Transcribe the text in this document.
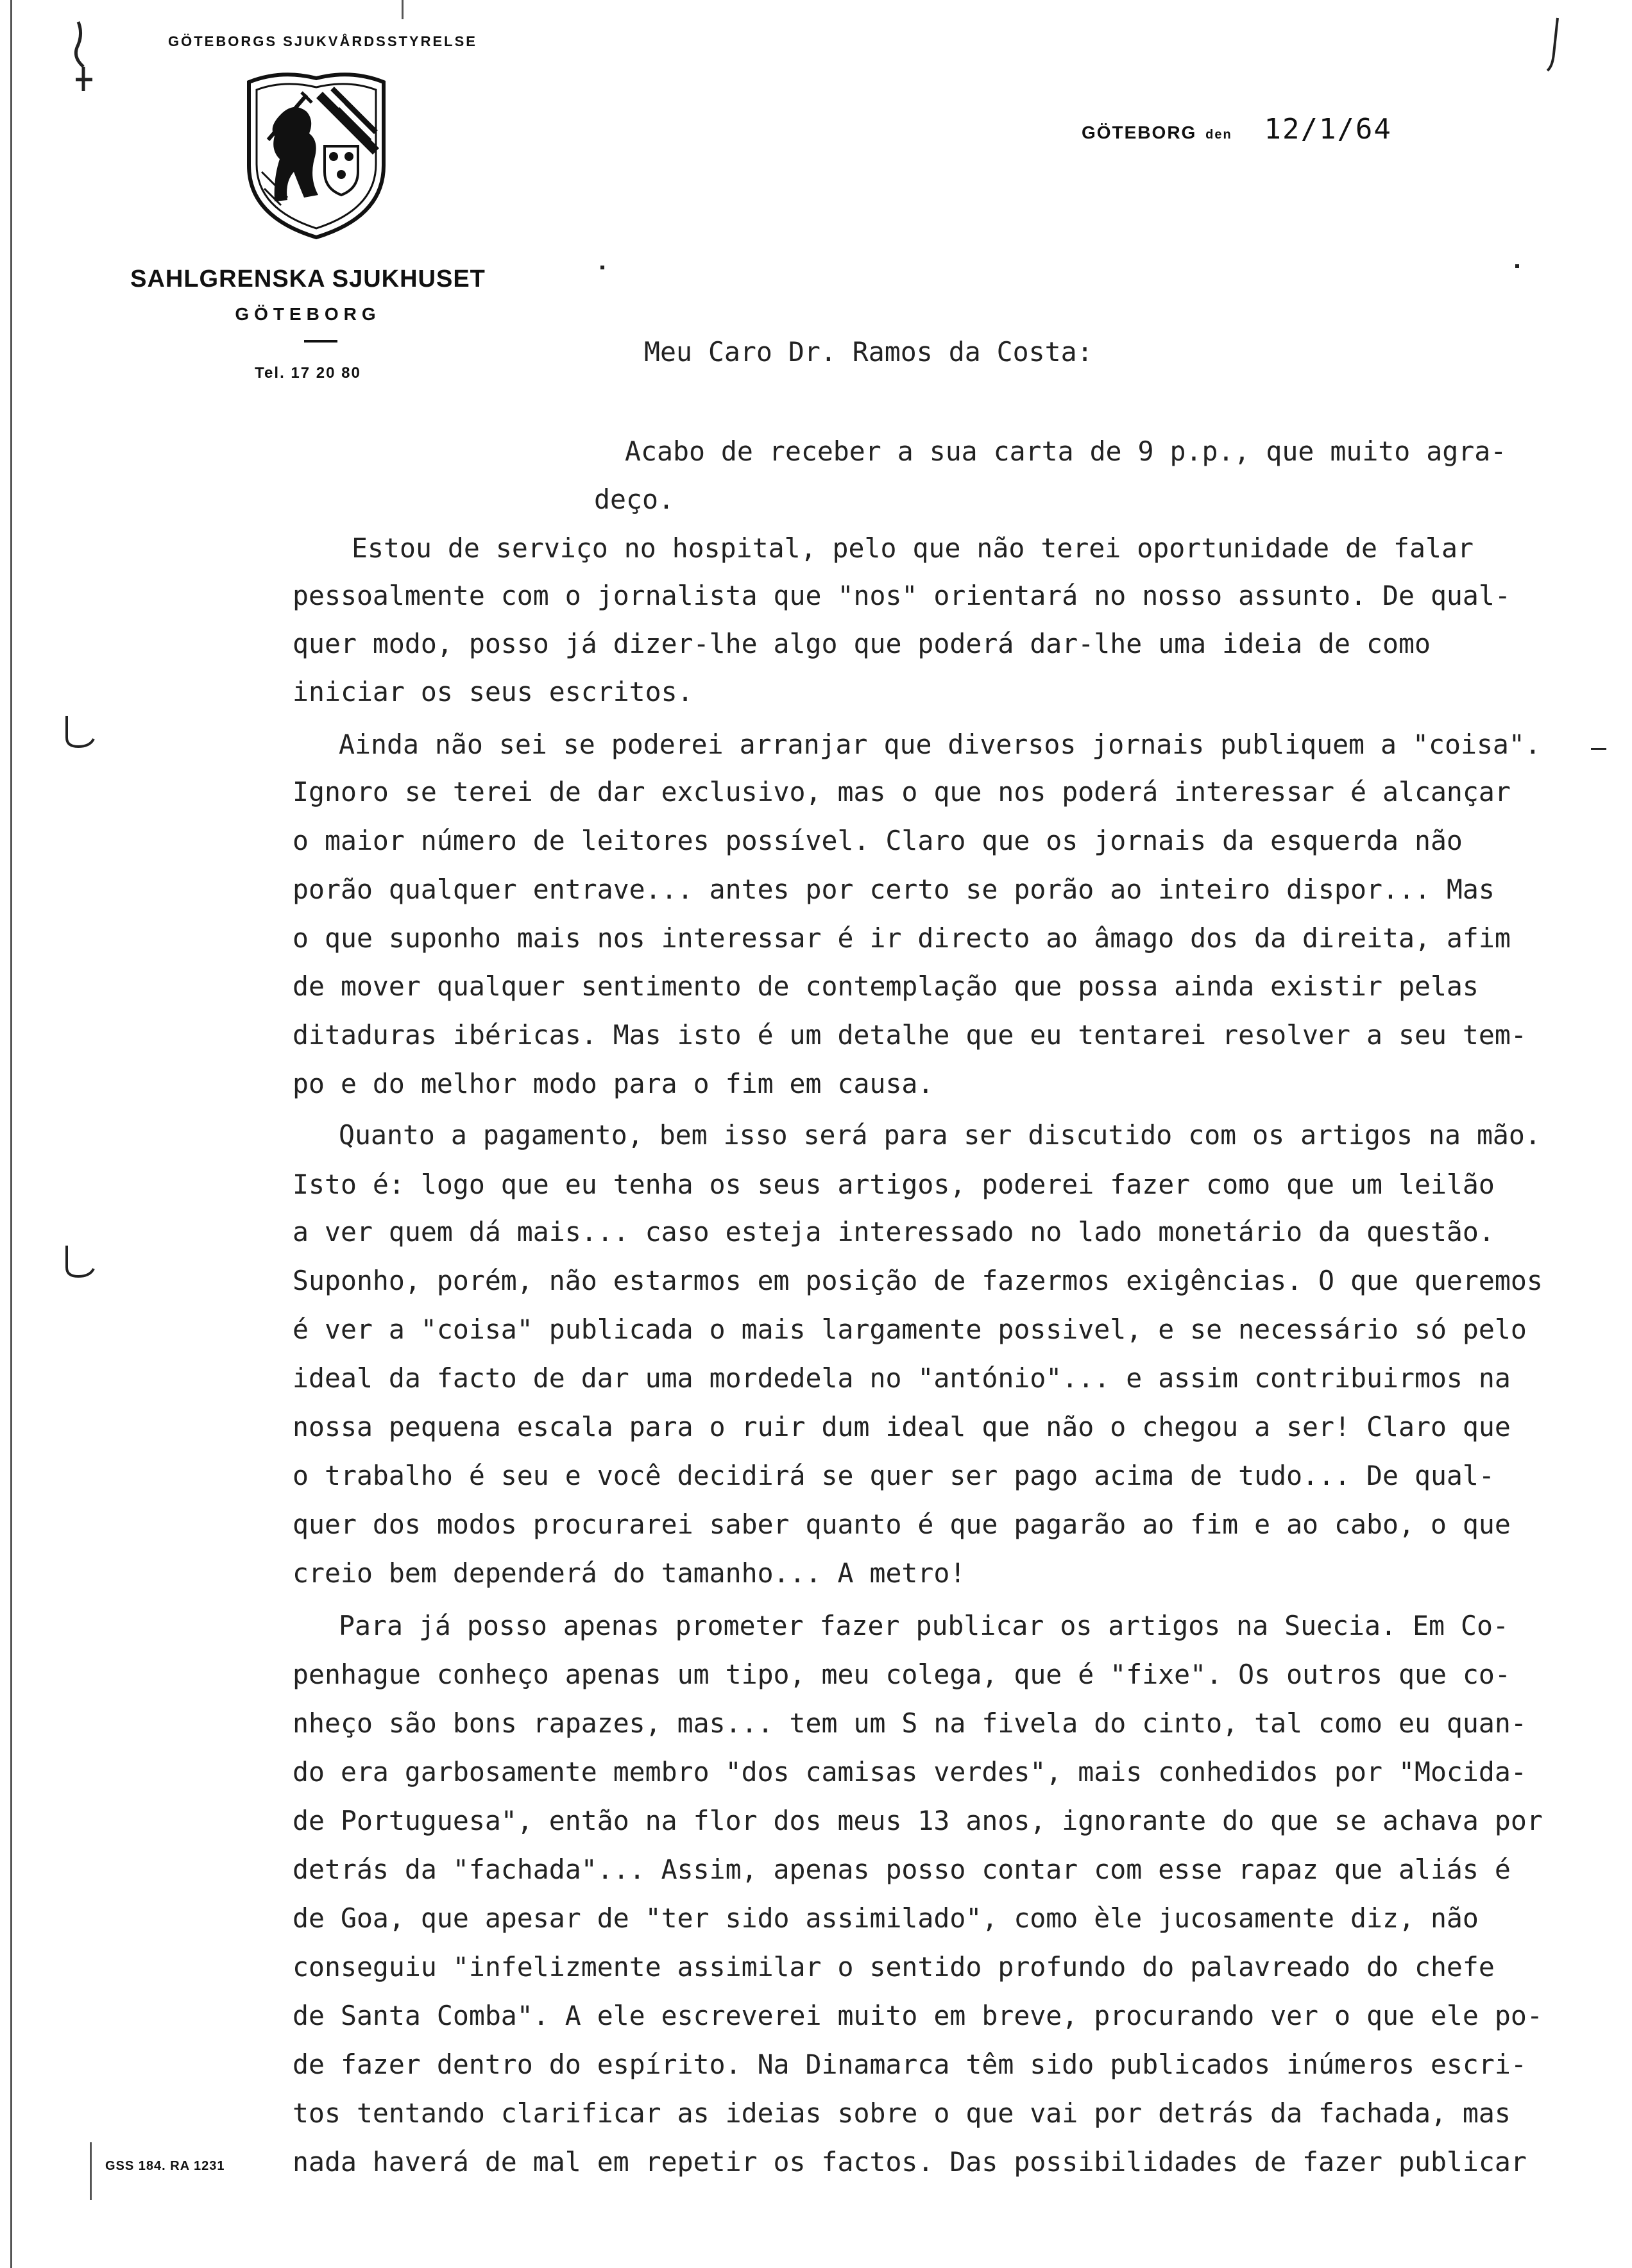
GÖTEBORGS SJUKVÅRDSSTYRELSE
SAHLGRENSKA SJUKHUSET
GÖTEBORG
Tel. 17 20 80
GÖTEBORG den 12/1/64
Meu Caro Dr. Ramos da Costa:
Acabo de receber a sua carta de 9 p.p., que muito agra-
deço.
Estou de serviço no hospital, pelo que não terei oportunidade de falar
pessoalmente com o jornalista que "nos" orientará no nosso assunto. De qual-
quer modo, posso já dizer-lhe algo que poderá dar-lhe uma ideia de como
iniciar os seus escritos.
Ainda não sei se poderei arranjar que diversos jornais publiquem a "coisa".
Ignoro se terei de dar exclusivo, mas o que nos poderá interessar é alcançar
o maior número de leitores possível. Claro que os jornais da esquerda não
porão qualquer entrave... antes por certo se porão ao inteiro dispor... Mas
o que suponho mais nos interessar é ir directo ao âmago dos da direita, afim
de mover qualquer sentimento de contemplação que possa ainda existir pelas
ditaduras ibéricas. Mas isto é um detalhe que eu tentarei resolver a seu tem-
po e do melhor modo para o fim em causa.
Quanto a pagamento, bem isso será para ser discutido com os artigos na mão.
Isto é: logo que eu tenha os seus artigos, poderei fazer como que um leilão
a ver quem dá mais... caso esteja interessado no lado monetário da questão.
Suponho, porém, não estarmos em posição de fazermos exigências. O que queremos
é ver a "coisa" publicada o mais largamente possivel, e se necessário só pelo
ideal da facto de dar uma mordedela no "antónio"... e assim contribuirmos na
nossa pequena escala para o ruir dum ideal que não o chegou a ser! Claro que
o trabalho é seu e você decidirá se quer ser pago acima de tudo... De qual-
quer dos modos procurarei saber quanto é que pagarão ao fim e ao cabo, o que
creio bem dependerá do tamanho... A metro!
Para já posso apenas prometer fazer publicar os artigos na Suecia. Em Co-
penhague conheço apenas um tipo, meu colega, que é "fixe". Os outros que co-
nheço são bons rapazes, mas... tem um S na fivela do cinto, tal como eu quan-
do era garbosamente membro "dos camisas verdes", mais conhedidos por "Mocida-
de Portuguesa", então na flor dos meus 13 anos, ignorante do que se achava por
detrás da "fachada"... Assim, apenas posso contar com esse rapaz que aliás é
de Goa, que apesar de "ter sido assimilado", como èle jucosamente diz, não
conseguiu "infelizmente assimilar o sentido profundo do palavreado do chefe
de Santa Comba". A ele escreverei muito em breve, procurando ver o que ele po-
de fazer dentro do espírito. Na Dinamarca têm sido publicados inúmeros escri-
tos tentando clarificar as ideias sobre o que vai por detrás da fachada, mas
nada haverá de mal em repetir os factos. Das possibilidades de fazer publicar
GSS 184. RA 1231
